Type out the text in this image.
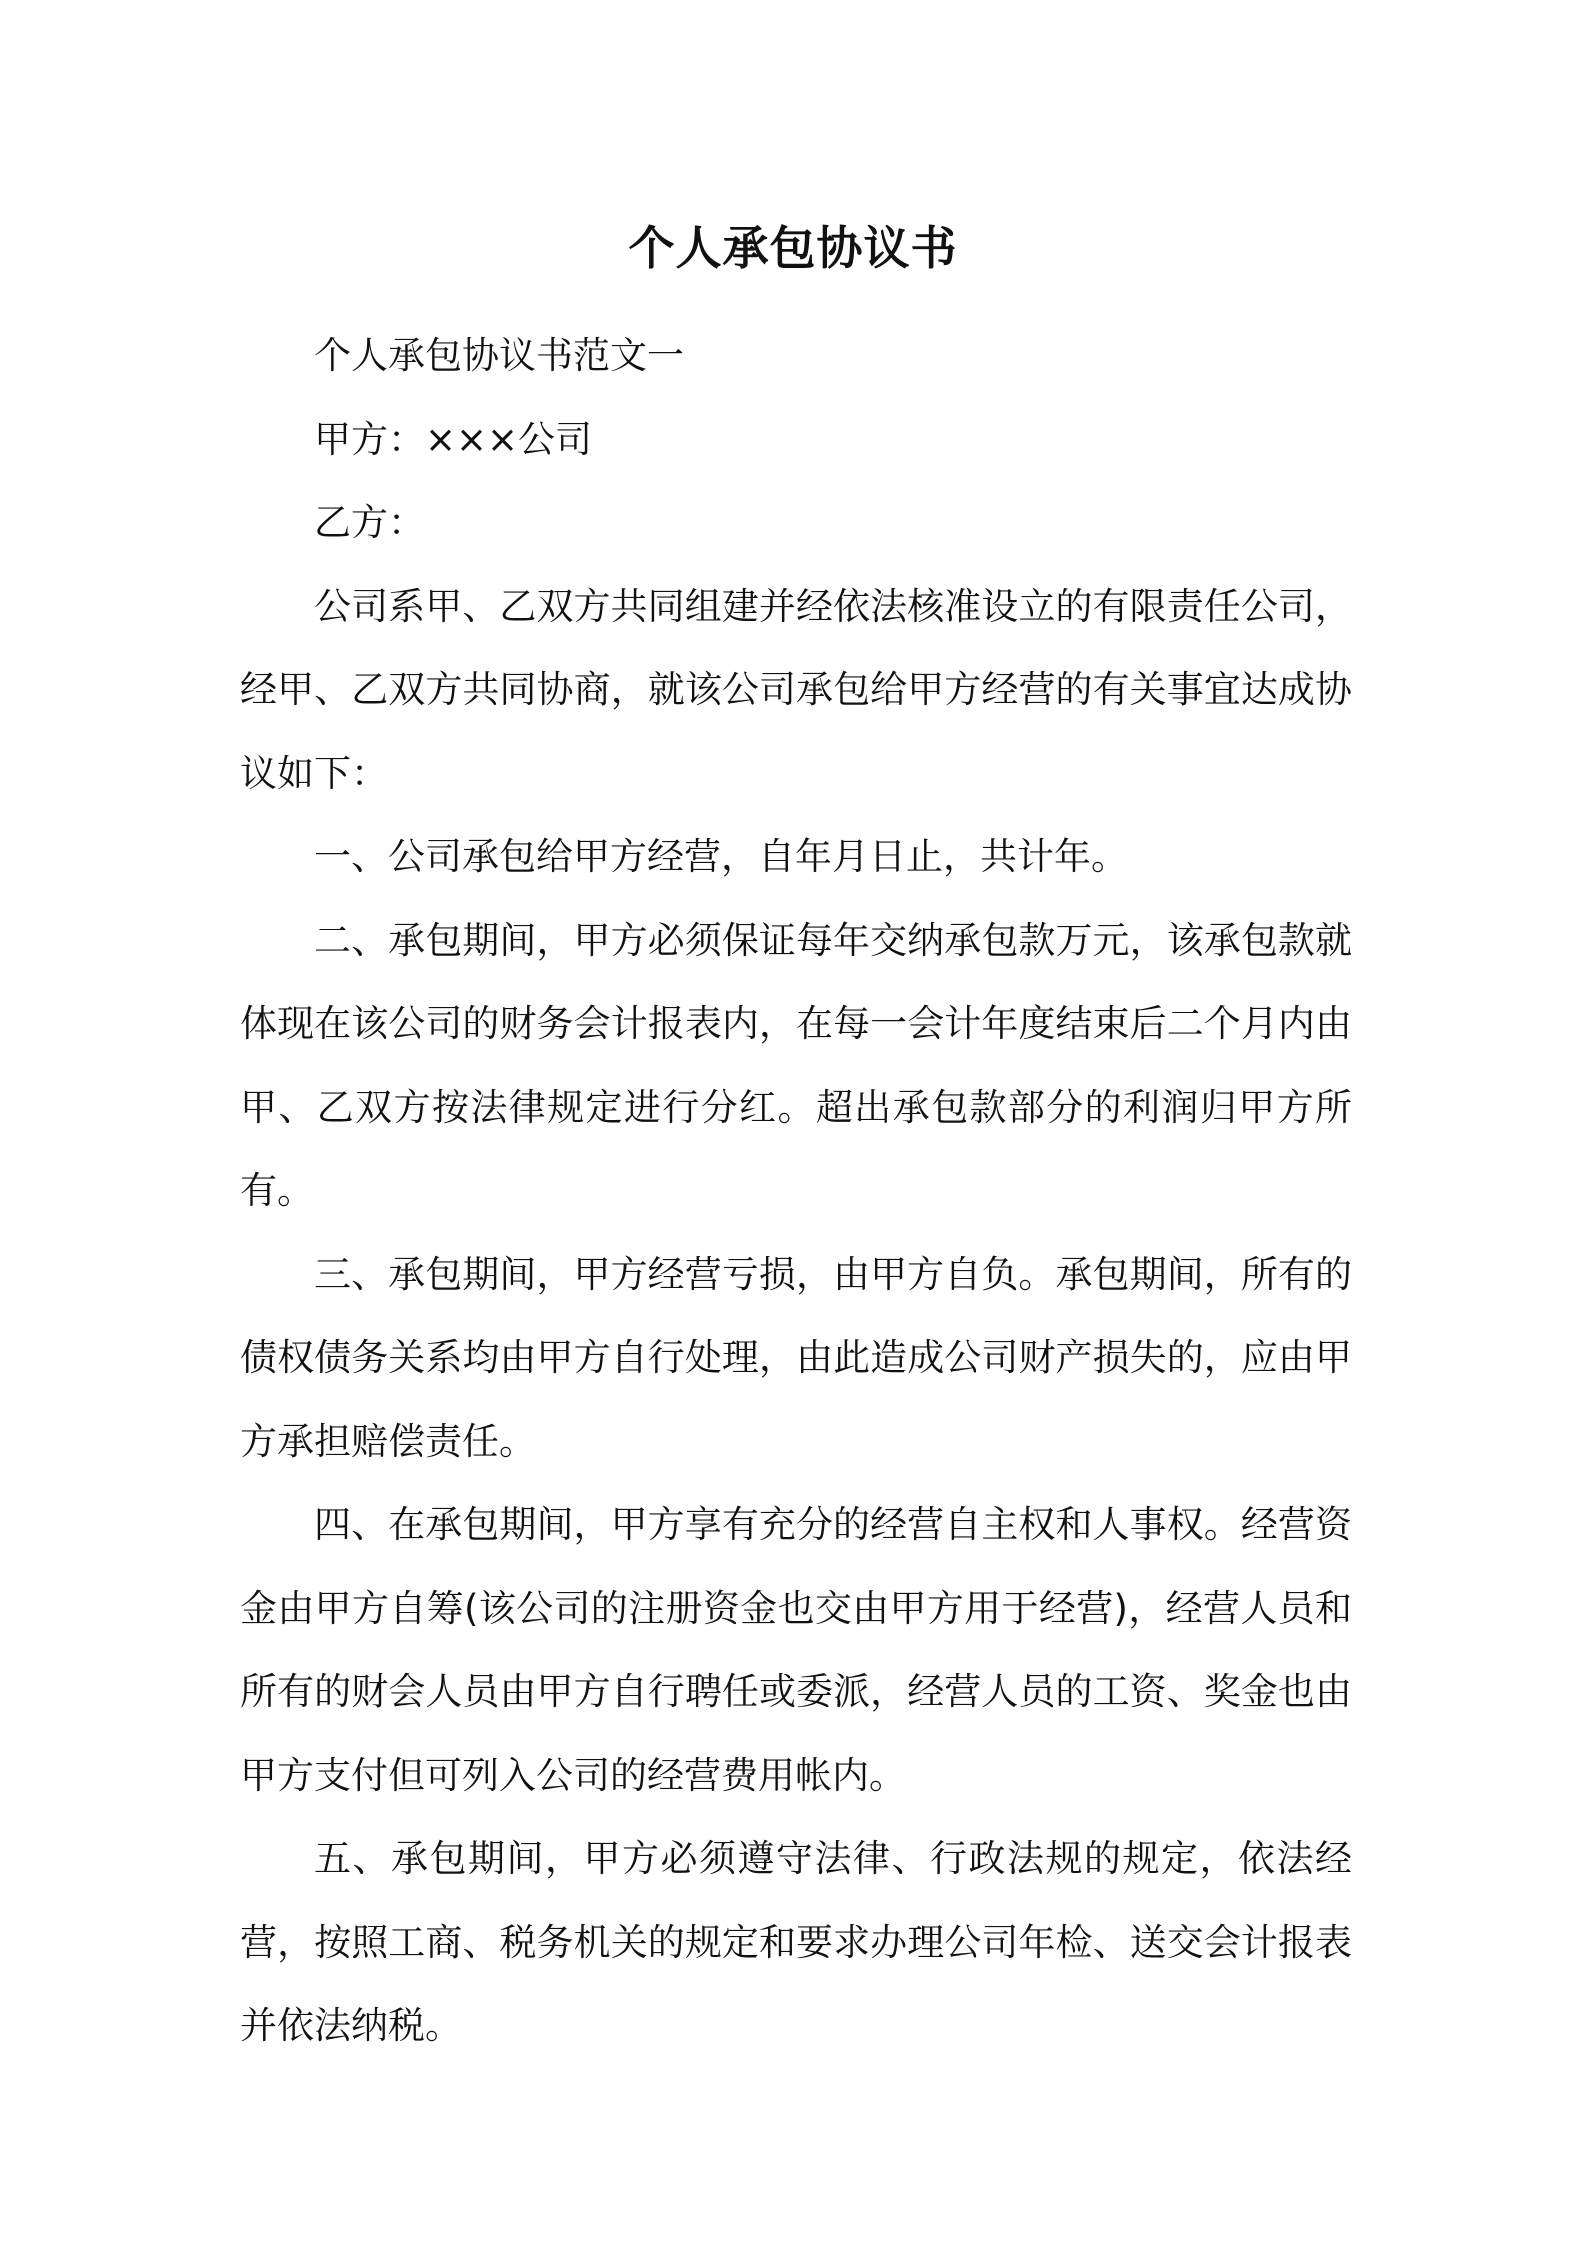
个人承包协议书

个人承包协议书范文一

甲方：×××公司

乙方：

公司系甲、乙双方共同组建并经依法核准设立的有限责任公司，经甲、乙双方共同协商，就该公司承包给甲方经营的有关事宜达成协议如下：

一、公司承包给甲方经营，自年月日止，共计年。

二、承包期间，甲方必须保证每年交纳承包款万元，该承包款就体现在该公司的财务会计报表内，在每一会计年度结束后二个月内由甲、乙双方按法律规定进行分红。超出承包款部分的利润归甲方所有。

三、承包期间，甲方经营亏损，由甲方自负。承包期间，所有的债权债务关系均由甲方自行处理，由此造成公司财产损失的，应由甲方承担赔偿责任。

四、在承包期间，甲方享有充分的经营自主权和人事权。经营资金由甲方自筹(该公司的注册资金也交由甲方用于经营)，经营人员和所有的财会人员由甲方自行聘任或委派，经营人员的工资、奖金也由甲方支付但可列入公司的经营费用帐内。

五、承包期间，甲方必须遵守法律、行政法规的规定，依法经营，按照工商、税务机关的规定和要求办理公司年检、送交会计报表并依法纳税。
